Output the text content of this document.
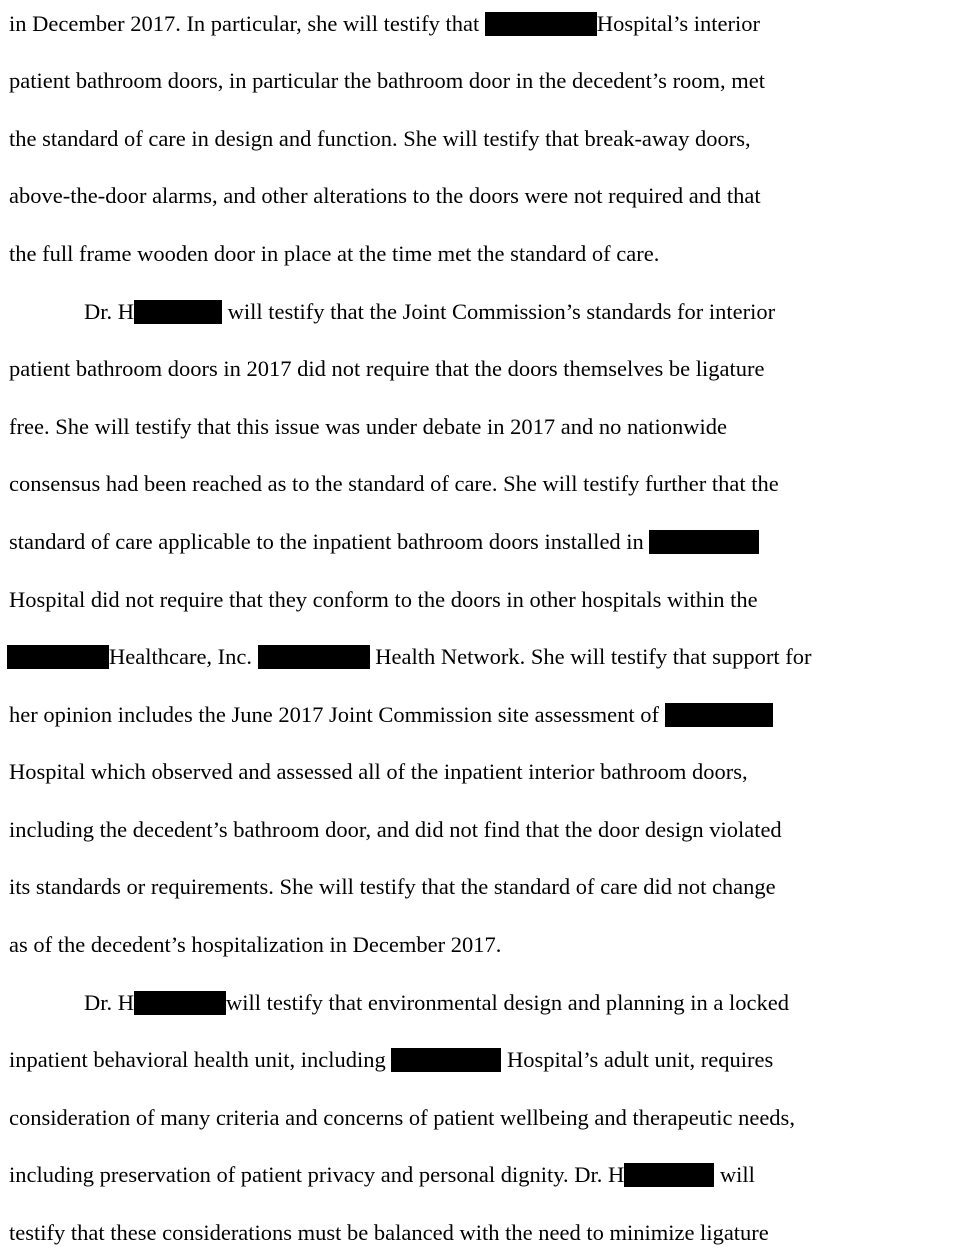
in December 2017. In particular, she will testify that	Hospital’s interior
patient bathroom doors, in particular the bathroom door in the decedent’s room, met
the standard of care in design and function. She will testify that break-away doors,
above-the-door alarms, and other alterations to the doors were not required and that
the full frame wooden door in place at the time met the standard of care.
Dr. H	will testify that the Joint Commission’s standards for interior
patient bathroom doors in 2017 did not require that the doors themselves be ligature
free. She will testify that this issue was under debate in 2017 and no nationwide
consensus had been reached as to the standard of care. She will testify further that the
standard of care applicable to the inpatient bathroom doors installed in
Hospital did not require that they conform to the doors in other hospitals within the
Healthcare, Inc.	Health Network. She will testify that support for
her opinion includes the June 2017 Joint Commission site assessment of
Hospital which observed and assessed all of the inpatient interior bathroom doors,
including the decedent’s bathroom door, and did not find that the door design violated
its standards or requirements. She will testify that the standard of care did not change
as of the decedent’s hospitalization in December 2017.
Dr. H	will testify that environmental design and planning in a locked
inpatient behavioral health unit, including	Hospital’s adult unit, requires
consideration of many criteria and concerns of patient wellbeing and therapeutic needs,
including preservation of patient privacy and personal dignity. Dr. H	will
testify that these considerations must be balanced with the need to minimize ligature
